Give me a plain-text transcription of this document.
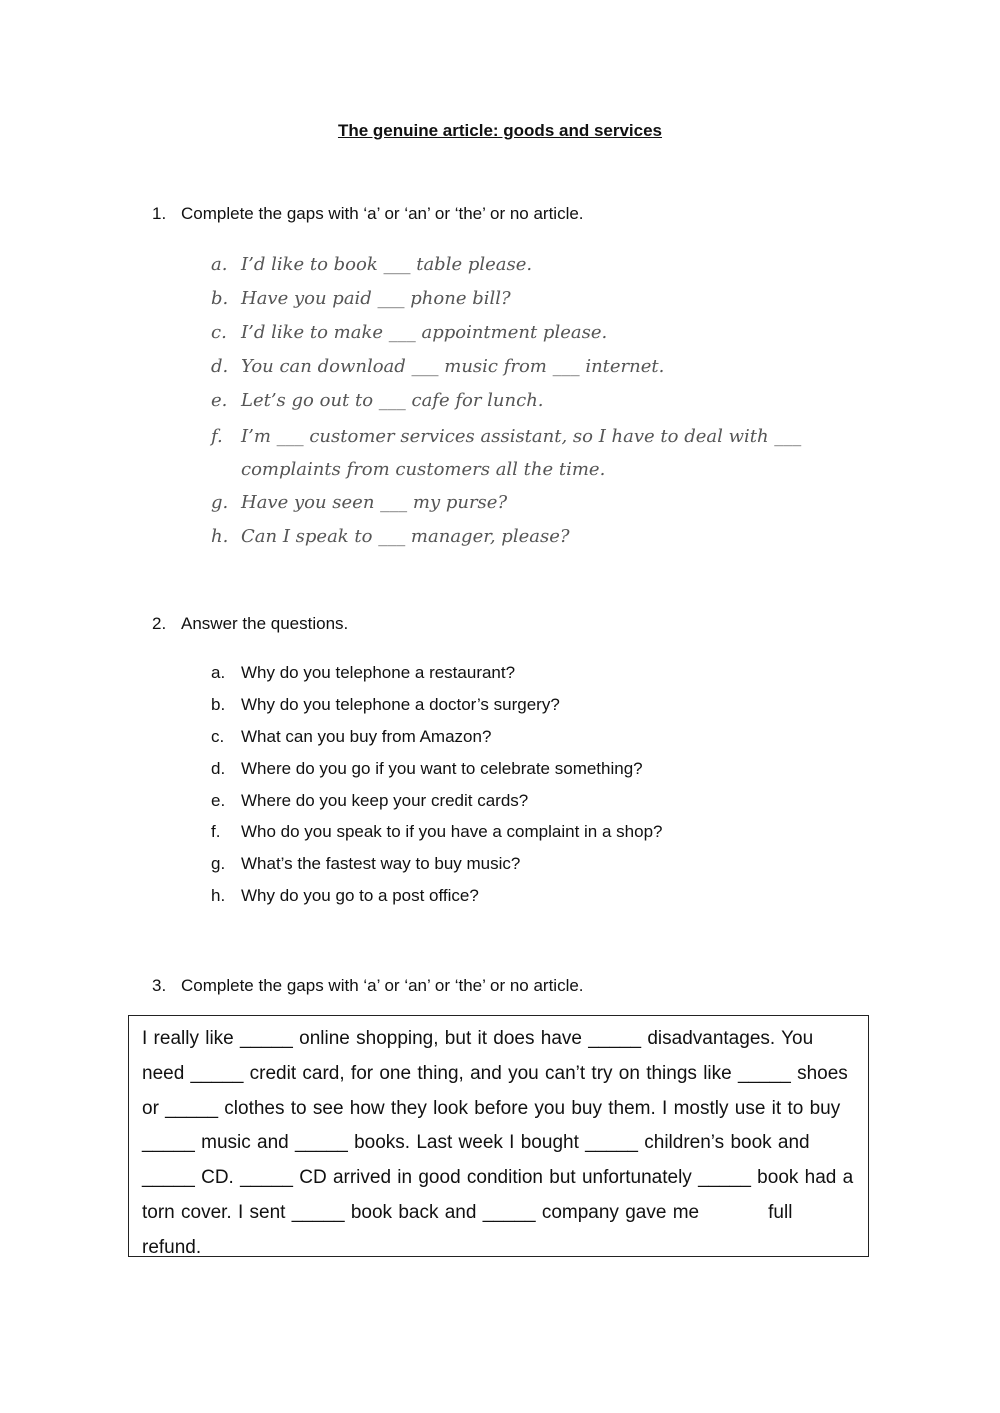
The genuine article: goods and services
1. Complete the gaps with ‘a’ or ‘an’ or ‘the’ or no article.
a. I’d like to book ___ table please.
b. Have you paid ___ phone bill?
c. I’d like to make ___ appointment please.
d. You can download ___ music from ___ internet.
e. Let’s go out to ___ cafe for lunch.
f. I’m ___ customer services assistant, so I have to deal with ___ complaints from customers all the time.
g. Have you seen ___ my purse?
h. Can I speak to ___ manager, please?
2. Answer the questions.
a. Why do you telephone a restaurant?
b. Why do you telephone a doctor’s surgery?
c. What can you buy from Amazon?
d. Where do you go if you want to celebrate something?
e. Where do you keep your credit cards?
f. Who do you speak to if you have a complaint in a shop?
g. What’s the fastest way to buy music?
h. Why do you go to a post office?
3. Complete the gaps with ‘a’ or ‘an’ or ‘the’ or no article.

I really like _____ online shopping, but it does have _____ disadvantages. You need _____ credit card, for one thing, and you can’t try on things like _____ shoes or _____ clothes to see how they look before you buy them. I mostly use it to buy _____ music and _____ books. Last week I bought _____ children’s book and _____ CD. _____ CD arrived in good condition but unfortunately _____ book had a torn cover. I sent _____ book back and _____ company gave me           full refund.
